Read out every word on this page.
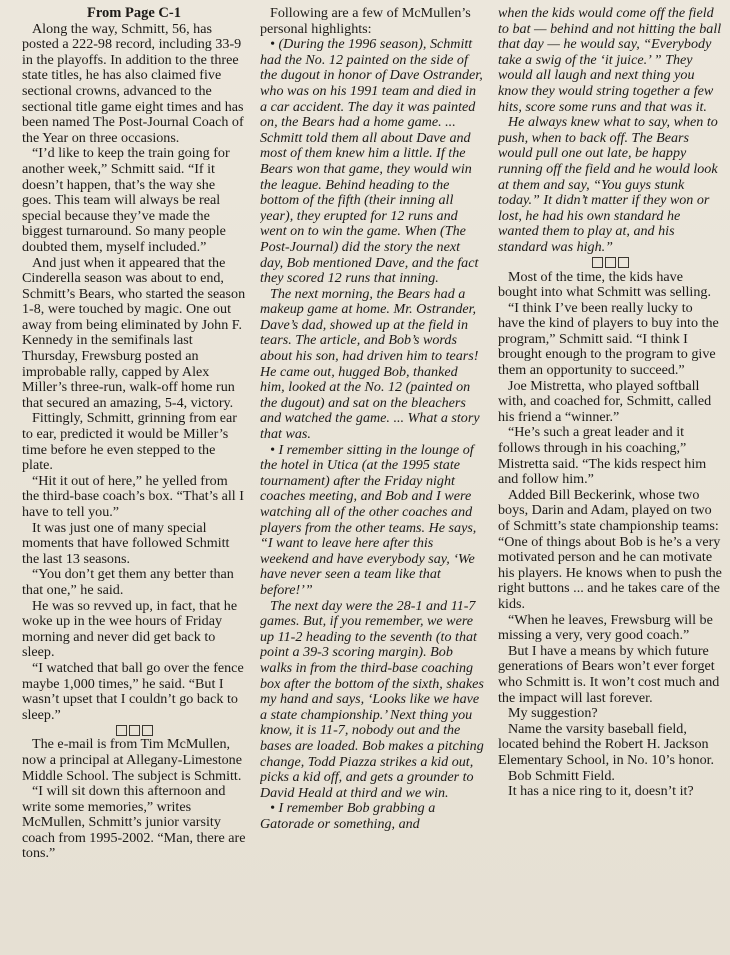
From Page C-1

Along the way, Schmitt, 56, has posted a 222-98 record, including 33-9 in the playoffs. In addition to the three state titles, he has also claimed five sectional crowns, advanced to the sectional title game eight times and has been named The Post-Journal Coach of the Year on three occasions.

“I’d like to keep the train going for another week,” Schmitt said. “If it doesn’t happen, that’s the way she goes. This team will always be real special because they’ve made the biggest turnaround. So many people doubted them, myself included.”

And just when it appeared that the Cinderella season was about to end, Schmitt’s Bears, who started the season 1-8, were touched by magic. One out away from being eliminated by John F. Kennedy in the semifinals last Thursday, Frewsburg posted an improbable rally, capped by Alex Miller’s three-run, walk-off home run that secured an amazing, 5-4, victory.

Fittingly, Schmitt, grinning from ear to ear, predicted it would be Miller’s time before he even stepped to the plate.

“Hit it out of here,” he yelled from the third-base coach’s box. “That’s all I have to tell you.”

It was just one of many special moments that have followed Schmitt the last 13 seasons.

“You don’t get them any better than that one,” he said.

He was so revved up, in fact, that he woke up in the wee hours of Friday morning and never did get back to sleep.

“I watched that ball go over the fence maybe 1,000 times,” he said. “But I wasn’t upset that I couldn’t go back to sleep.”

The e-mail is from Tim McMullen, now a principal at Allegany-Limestone Middle School. The subject is Schmitt.

“I will sit down this afternoon and write some memories,” writes McMullen, Schmitt’s junior varsity coach from 1995-2002. “Man, there are tons.”

Following are a few of McMullen’s personal highlights:

• (During the 1996 season), Schmitt had the No. 12 painted on the side of the dugout in honor of Dave Ostrander, who was on his 1991 team and died in a car accident. The day it was painted on, the Bears had a home game. ... Schmitt told them all about Dave and most of them knew him a little. If the Bears won that game, they would win the league. Behind heading to the bottom of the fifth (their inning all year), they erupted for 12 runs and went on to win the game. When (The Post-Journal) did the story the next day, Bob mentioned Dave, and the fact they scored 12 runs that inning.

The next morning, the Bears had a makeup game at home. Mr. Ostrander, Dave’s dad, showed up at the field in tears. The article, and Bob’s words about his son, had driven him to tears! He came out, hugged Bob, thanked him, looked at the No. 12 (painted on the dugout) and sat on the bleachers and watched the game. ... What a story that was.

• I remember sitting in the lounge of the hotel in Utica (at the 1995 state tournament) after the Friday night coaches meeting, and Bob and I were watching all of the other coaches and players from the other teams. He says, “I want to leave here after this weekend and have everybody say, ‘We have never seen a team like that before!’”

The next day were the 28-1 and 11-7 games. But, if you remember, we were up 11-2 heading to the seventh (to that point a 39-3 scoring margin). Bob walks in from the third-base coaching box after the bottom of the sixth, shakes my hand and says, ‘Looks like we have a state championship.’ Next thing you know, it is 11-7, nobody out and the bases are loaded. Bob makes a pitching change, Todd Piazza strikes a kid out, picks a kid off, and gets a grounder to David Heald at third and we win.

• I remember Bob grabbing a Gatorade or something, and

when the kids would come off the field to bat — behind and not hitting the ball that day — he would say, “Everybody take a swig of the ‘it juice.’ ” They would all laugh and next thing you know they would string together a few hits, score some runs and that was it.

He always knew what to say, when to push, when to back off. The Bears would pull one out late, be happy running off the field and he would look at them and say, “You guys stunk today.” It didn’t matter if they won or lost, he had his own standard he wanted them to play at, and his standard was high.”

Most of the time, the kids have bought into what Schmitt was selling.

“I think I’ve been really lucky to have the kind of players to buy into the program,” Schmitt said. “I think I brought enough to the program to give them an opportunity to succeed.”

Joe Mistretta, who played softball with, and coached for, Schmitt, called his friend a “winner.”

“He’s such a great leader and it follows through in his coaching,” Mistretta said. “The kids respect him and follow him.”

Added Bill Beckerink, whose two boys, Darin and Adam, played on two of Schmitt’s state championship teams: “One of things about Bob is he’s a very motivated person and he can motivate his players. He knows when to push the right buttons ... and he takes care of the kids.

“When he leaves, Frewsburg will be missing a very, very good coach.”

But I have a means by which future generations of Bears won’t ever forget who Schmitt is. It won’t cost much and the impact will last forever.

My suggestion?

Name the varsity baseball field, located behind the Robert H. Jackson Elementary School, in No. 10’s honor.

Bob Schmitt Field.

It has a nice ring to it, doesn’t it?
